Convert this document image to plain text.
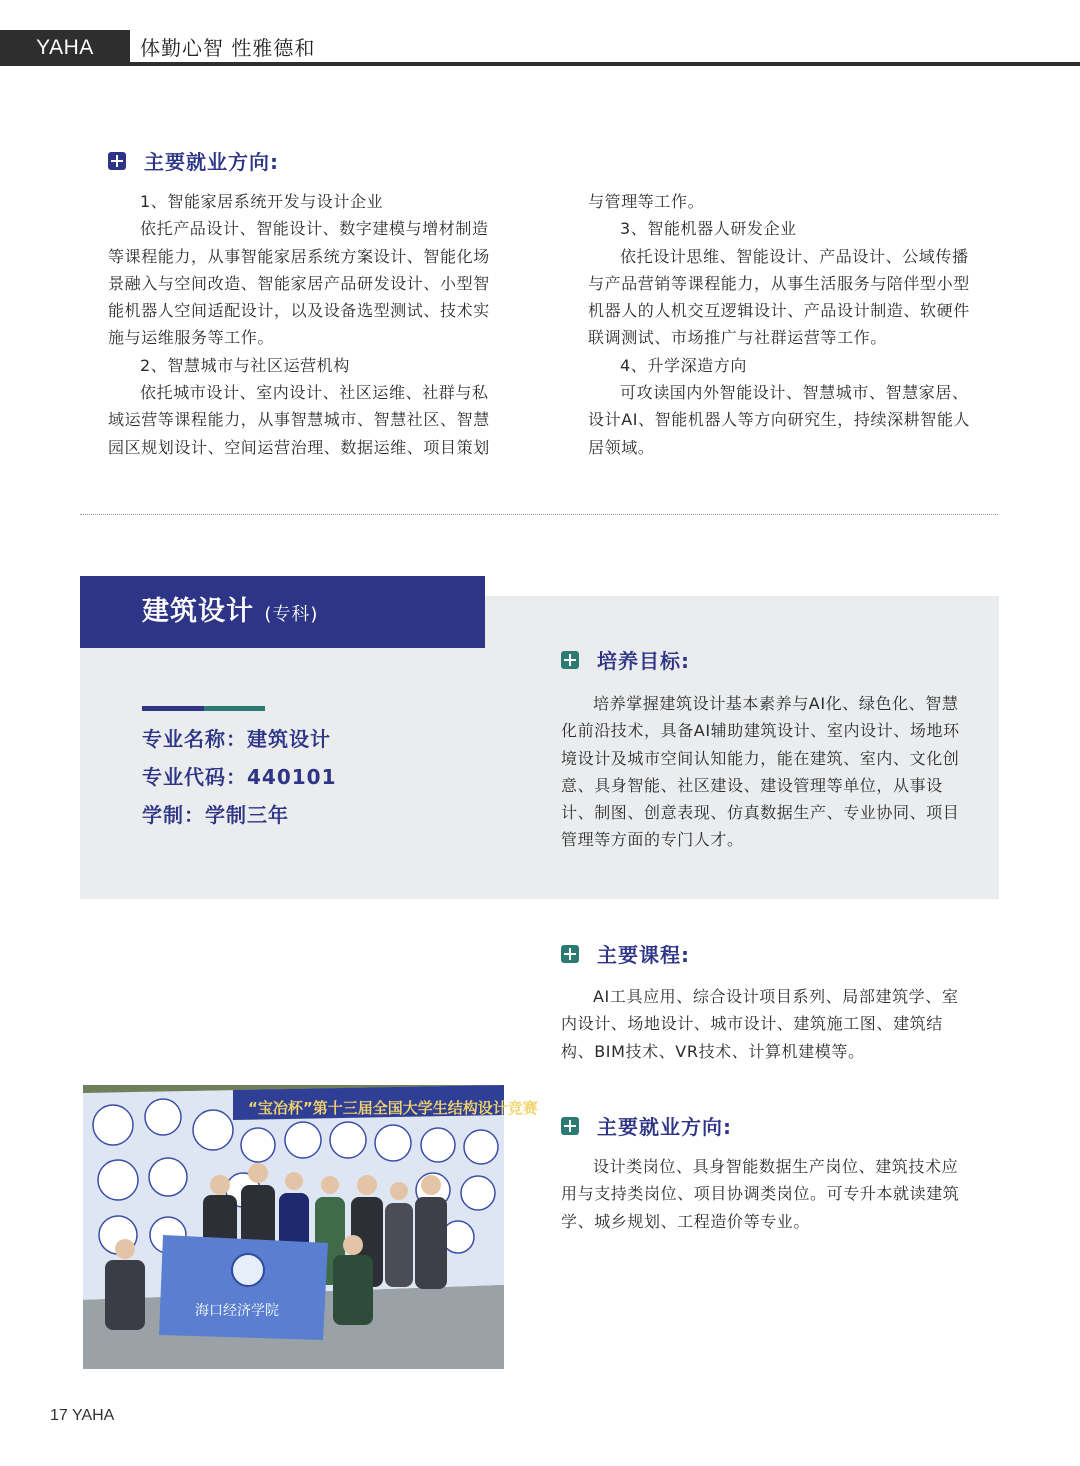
YAHA	体勤心智 性雅德和
主要就业方向:

1、智能家居系统开发与设计企业

依托产品设计、智能设计、数字建模与增材制造

等课程能力，从事智能家居系统方案设计、智能化场

景融入与空间改造、智能家居产品研发设计、小型智

能机器人空间适配设计，以及设备选型测试、技术实

施与运维服务等工作。

2、智慧城市与社区运营机构

依托城市设计、室内设计、社区运维、社群与私

域运营等课程能力，从事智慧城市、智慧社区、智慧

园区规划设计、空间运营治理、数据运维、项目策划

与管理等工作。

3、智能机器人研发企业

依托设计思维、智能设计、产品设计、公域传播

与产品营销等课程能力，从事生活服务与陪伴型小型

机器人的人机交互逻辑设计、产品设计制造、软硬件

联调测试、市场推广与社群运营等工作。

4、升学深造方向

可攻读国内外智能设计、智慧城市、智慧家居、

设计AI、智能机器人等方向研究生，持续深耕智能人

居领域。

建筑设计 (专科)
专业名称：建筑设计
专业代码：440101
学制：学制三年
培养目标:

培养掌握建筑设计基本素养与AI化、绿色化、智慧化前沿技术，具备AI辅助建筑设计、室内设计、场地环境设计及城市空间认知能力，能在建筑、室内、文化创意、具身智能、社区建设、建设管理等单位，从事设计、制图、创意表现、仿真数据生产、专业协同、项目管理等方面的专门人才。

主要课程:

AI工具应用、综合设计项目系列、局部建筑学、室内设计、场地设计、城市设计、建筑施工图、建筑结构、BIM技术、VR技术、计算机建模等。

主要就业方向:

设计类岗位、具身智能数据生产岗位、建筑技术应用与支持类岗位、项目协调类岗位。可专升本就读建筑学、城乡规划、工程造价等专业。

“宝冶杯”第十三届全国大学生结构设计竞赛
海口经济学院
17 YAHA
